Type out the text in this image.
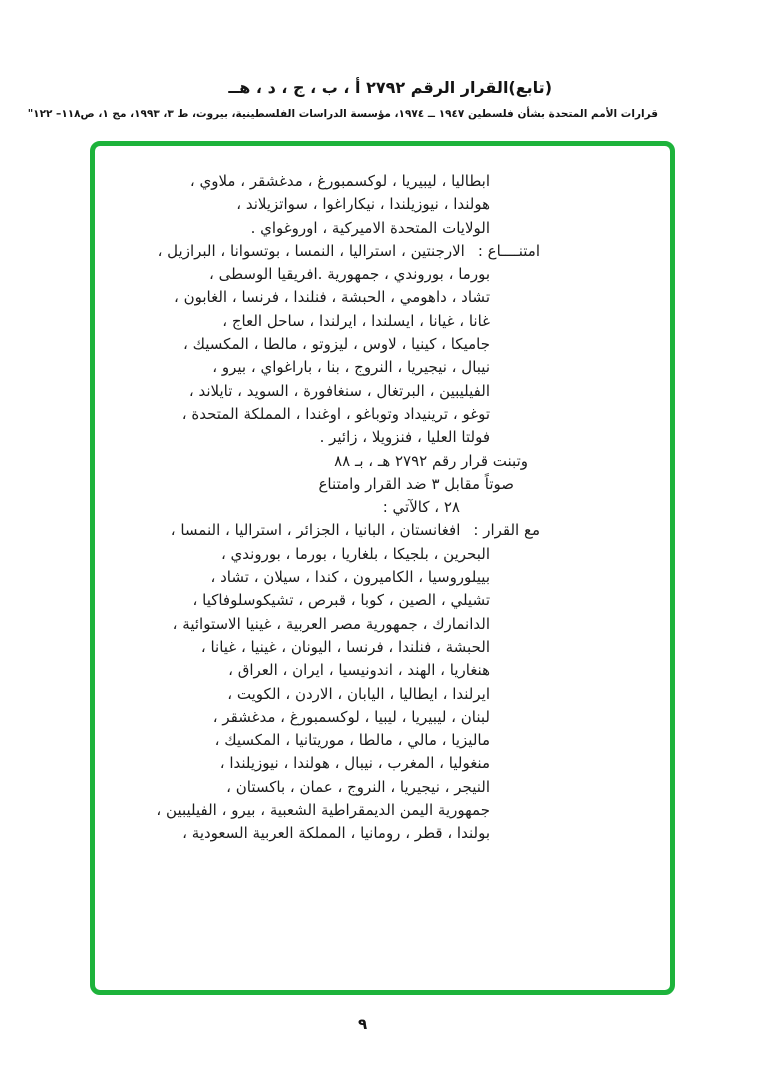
(تابع)القرار الرقم ٢٧٩٢ أ ، ب ، ج ، د ، هــ
قرارات الأمم المتحدة بشأن فلسطين ١٩٤٧ ــ ١٩٧٤، مؤسسة الدراسات الفلسطينية، بيروت، ط ٣، ١٩٩٣، مج ١، ص١١٨– ١٢٢"
ابطاليا ، ليبيريا ، لوكسمبورغ ، مدغشقر ، ملاوي ،
هولندا ، نيوزيلندا ، نيكاراغوا ، سواتزيلاند ،
الولايات المتحدة الاميركية ، اوروغواي .
امتنــــاع :الارجنتين ، استراليا ، النمسا ، بوتسوانا ، البرازيل ،
بورما ، بوروندي ، جمهورية .افريقيا الوسطى ،
تشاد ، داهومي ، الحبشة ، فنلندا ، فرنسا ، الغابون ،
غانا ، غيانا ، ايسلندا ، ايرلندا ، ساحل العاج ،
جاميكا ، كينيا ، لاوس ، ليزوتو ، مالطا ، المكسيك ،
نيبال ، نيجيريا ، النروج ، بنا ، باراغواي ، بيرو ،
الفيليبين ، البرتغال ، سنغافورة ، السويد ، تايلاند ،
توغو ، ترينيداد وتوباغو ، اوغندا ، المملكة المتحدة ،
فولتا العليا ، فنزويلا ، زائير .
وتبنت قرار رقم ٢٧٩٢ هـ ، بـ ٨٨
صوتاً مقابل ٣ ضد القرار وامتناع
٢٨ ، كالآتي :
مع القرار :افغانستان ، البانيا ، الجزائر ، استراليا ، النمسا ،
البحرين ، بلجيكا ، بلغاريا ، بورما ، بوروندي ،
بييلوروسيا ، الكاميرون ، كندا ، سيلان ، تشاد ،
تشيلي ، الصين ، كوبا ، قبرص ، تشيكوسلوفاكيا ،
الدانمارك ، جمهورية مصر العربية ، غينيا الاستوائية ،
الحبشة ، فنلندا ، فرنسا ، اليونان ، غينيا ، غيانا ،
هنغاريا ، الهند ، اندونيسيا ، ايران ، العراق ،
ايرلندا ، ايطاليا ، اليابان ، الاردن ، الكويت ،
لبنان ، ليبيريا ، ليبيا ، لوكسمبورغ ، مدغشقر ،
ماليزيا ، مالي ، مالطا ، موريتانيا ، المكسيك ،
منغوليا ، المغرب ، نيبال ، هولندا ، نيوزيلندا ،
النيجر ، نيجيريا ، النروج ، عمان ، باكستان ،
جمهورية اليمن الديمقراطية الشعبية ، بيرو ، الفيليبين ،
بولندا ، قطر ، رومانيا ، المملكة العربية السعودية ،
٩
